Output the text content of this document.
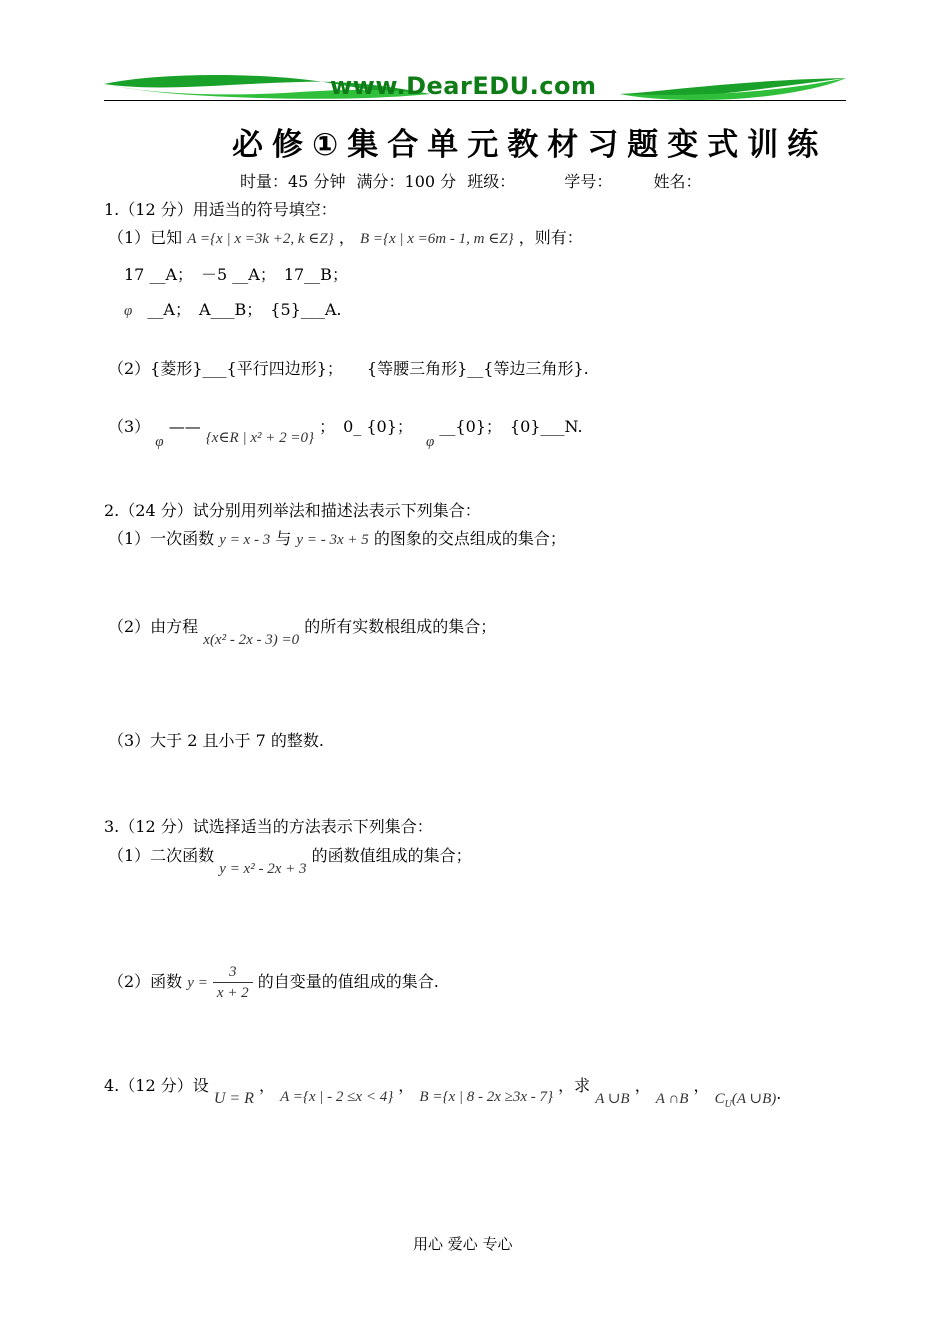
www.DearEDU.com
必修①集合单元教材习题变式训练
时量：45 分钟 满分：100 分 班级：	学号：	姓名：
1.（12 分）用适当的符号填空：
（1）已知 A ={x | x =3k +2, k ∈Z} ， B ={x | x =6m - 1, m ∈Z} ，则有：
17 __A；　－5 __A；　17__B；
φ __A；　A___B；　{5}___A.
（2）{菱形}___{平行四边形}；　　{等腰三角形}__{等边三角形}.
（3） φ —— {x∈R | x² + 2 =0} ；　0_ {0}；　 φ __{0}；　{0}___N.
2.（24 分）试分别用列举法和描述法表示下列集合：
（1）一次函数 y = x - 3 与 y = - 3x + 5 的图象的交点组成的集合；
（2）由方程 x(x² - 2x - 3) =0 的所有实数根组成的集合；
（3）大于 2 且小于 7 的整数.
3.（12 分）试选择适当的方法表示下列集合：
（1）二次函数 y = x² - 2x + 3 的函数值组成的集合；
（2）函数 $y = \frac{3}{x + 2}$ 的自变量的值组成的集合.
4.（12 分）设 U = R ， A ={x | - 2 ≤x < 4} ， B ={x | 8 - 2x ≥3x - 7} ，求 A ∪B ， A ∩B ， $C_U(A$ ∪B).
用心 爱心 专心
